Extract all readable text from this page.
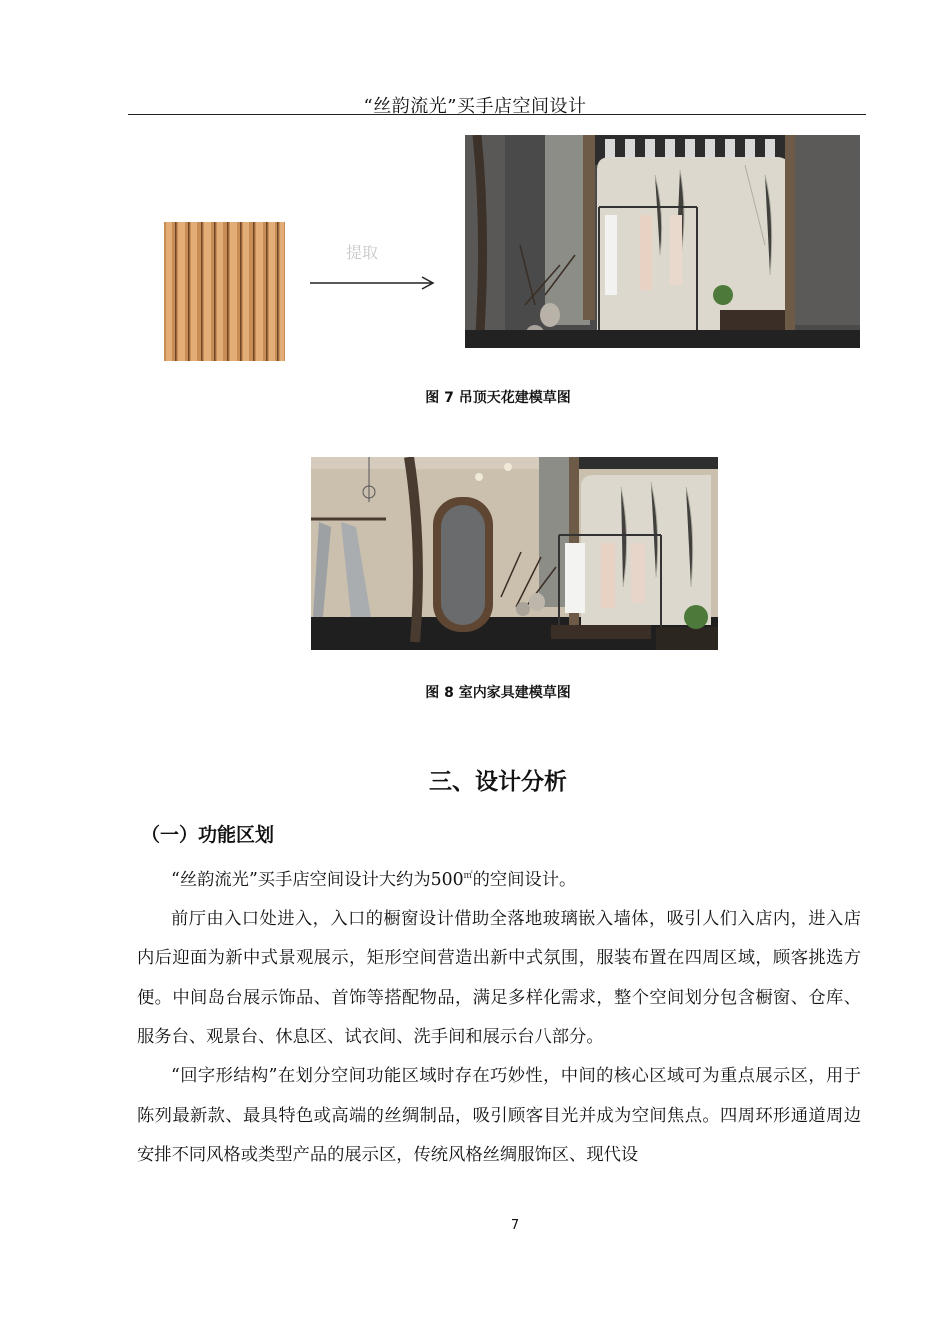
“丝韵流光”买手店空间设计
提取
图 7 吊顶天花建模草图
图 8 室内家具建模草图
三、设计分析
（一）功能区划

“丝韵流光”买手店空间设计大约为500㎡的空间设计。

前厅由入口处进入，入口的橱窗设计借助全落地玻璃嵌入墙体，吸引人们入店内，进入店内后迎面为新中式景观展示，矩形空间营造出新中式氛围，服装布置在四周区域，顾客挑选方便。中间岛台展示饰品、首饰等搭配物品，满足多样化需求，整个空间划分包含橱窗、仓库、服务台、观景台、休息区、试衣间、洗手间和展示台八部分。

“回字形结构”在划分空间功能区域时存在巧妙性，中间的核心区域可为重点展示区，用于陈列最新款、最具特色或高端的丝绸制品，吸引顾客目光并成为空间焦点。四周环形通道周边安排不同风格或类型产品的展示区，传统风格丝绸服饰区、现代设

7
